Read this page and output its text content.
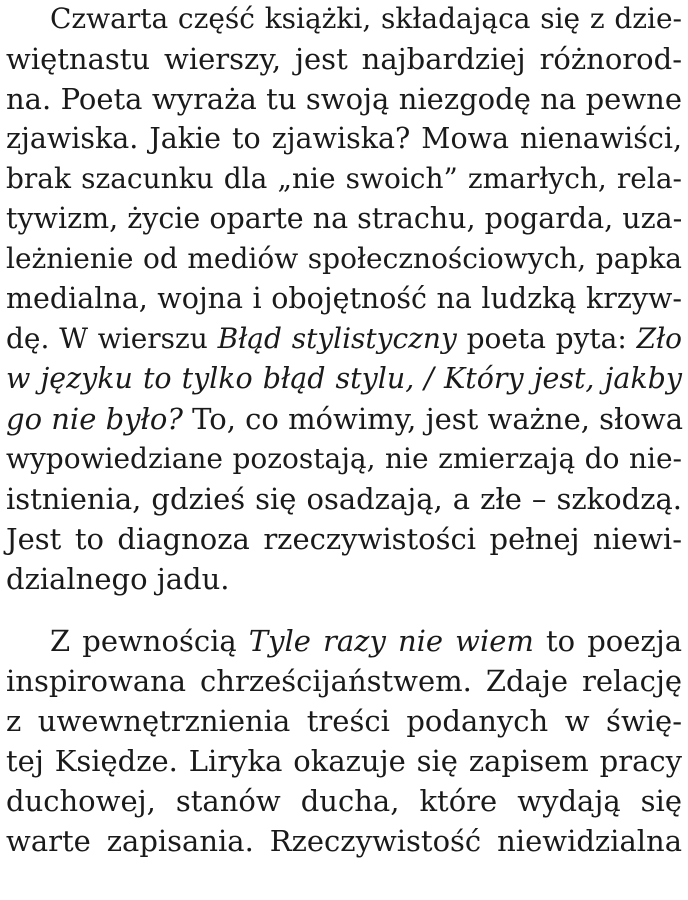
Czwarta część książki, składająca się z dzie-
więtnastu wierszy, jest najbardziej różnorod-
na. Poeta wyraża tu swoją niezgodę na pewne
zjawiska. Jakie to zjawiska? Mowa nienawiści,
brak szacunku dla „nie swoich” zmarłych, rela-
tywizm, życie oparte na strachu, pogarda, uza-
leżnienie od mediów społecznościowych, papka
medialna, wojna i obojętność na ludzką krzyw-
dę. W wierszu Błąd stylistyczny poeta pyta: Zło
w języku to tylko błąd stylu, / Który jest, jakby
go nie było? To, co mówimy, jest ważne, słowa
wypowiedziane pozostają, nie zmierzają do nie-
istnienia, gdzieś się osadzają, a złe – szkodzą.
Jest to diagnoza rzeczywistości pełnej niewi-
dzialnego jadu.
Z pewnością Tyle razy nie wiem to poezja
inspirowana chrześcijaństwem. Zdaje relację
z uwewnętrznienia treści podanych w świę-
tej Księdze. Liryka okazuje się zapisem pracy
duchowej, stanów ducha, które wydają się
warte zapisania. Rzeczywistość niewidzialna
